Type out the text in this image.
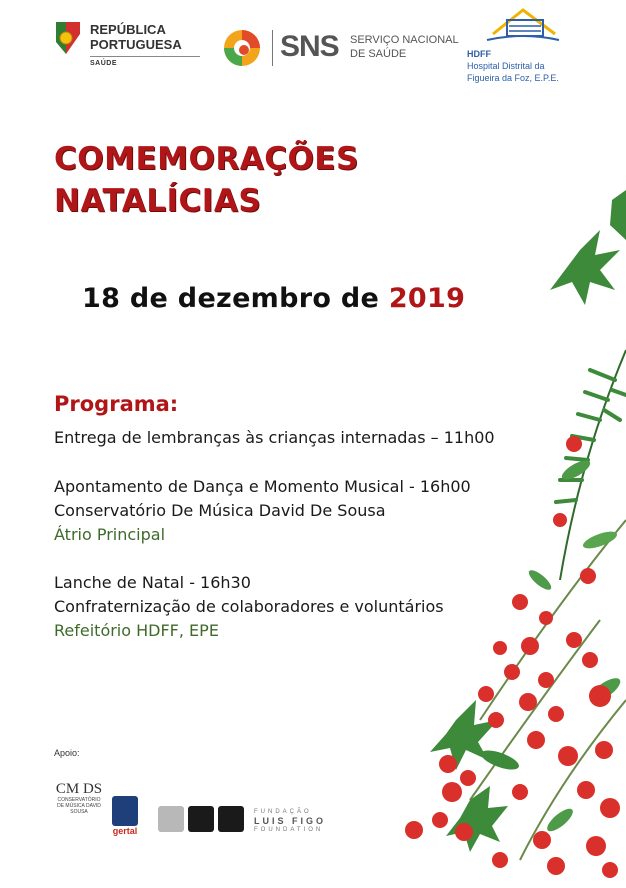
REPÚBLICA PORTUGUESA
SAÚDE
SNS SERVIÇO NACIONAL DE SAÚDE	HDFF
Hospital Distrital da Figueira da Foz, E.P.E.
COMEMORAÇÕES NATALÍCIAS
18 de dezembro de 2019
Programa:
Entrega de lembranças às crianças internadas – 11h00
Apontamento de Dança e Momento Musical - 16h00
Conservatório De Música David De Sousa
Átrio Principal
Lanche de Natal - 16h30
Confraternização de colaboradores e voluntários
Refeitório HDFF, EPE
Apoio:
CM DS
CONSERVATÓRIO DE MÚSICA DAVID SOUSA
gertal
FUNDAÇÃO
LUIS FIGO
FOUNDATION
